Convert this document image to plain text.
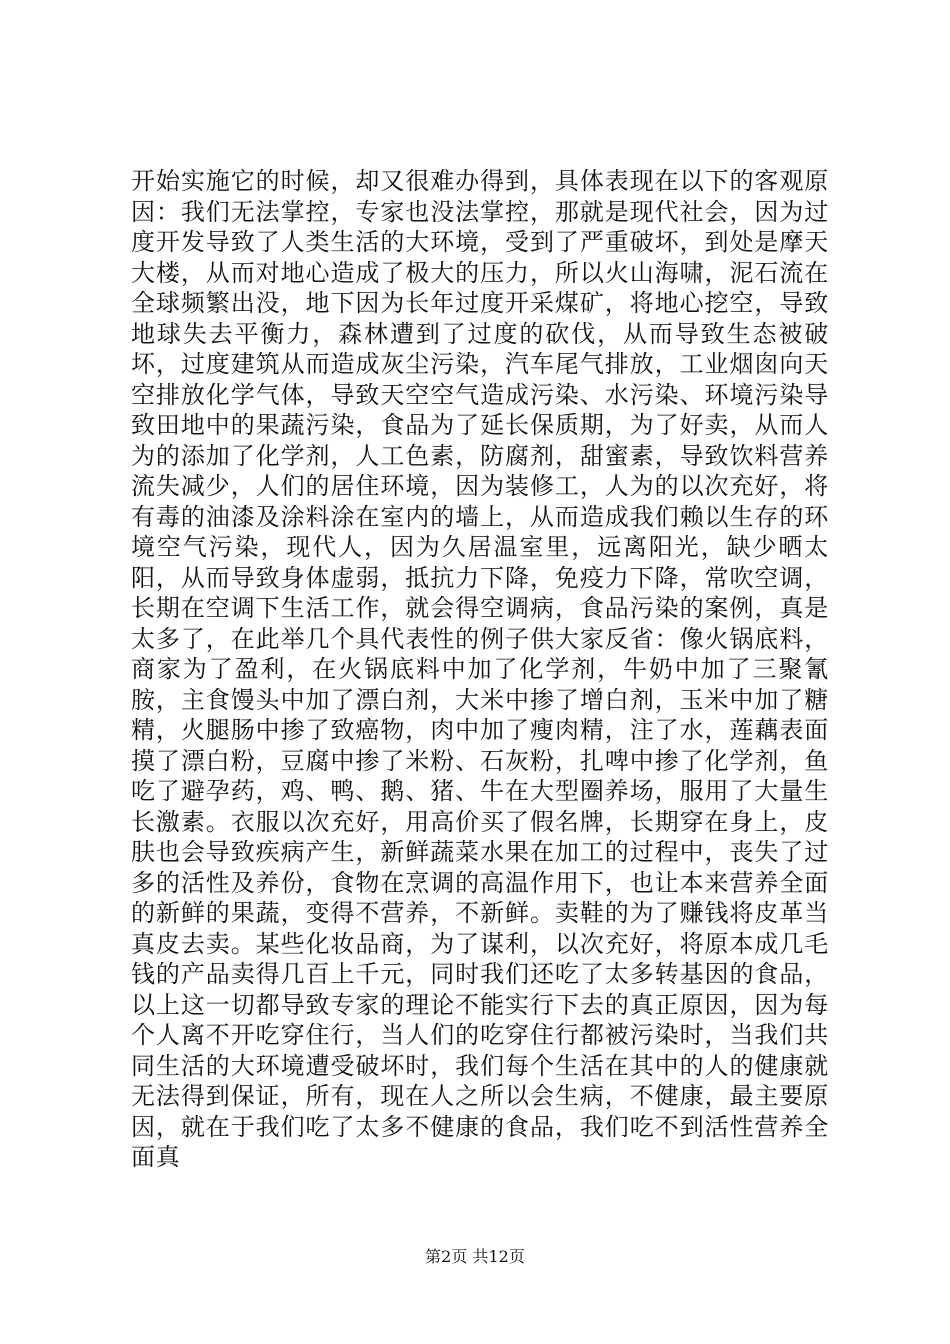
开始实施它的时候，却又很难办得到，具体表现在以下的客观原因：我们无法掌控，专家也没法掌控，那就是现代社会，因为过度开发导致了人类生活的大环境，受到了严重破坏，到处是摩天大楼，从而对地心造成了极大的压力，所以火山海啸，泥石流在全球频繁出没，地下因为长年过度开采煤矿，将地心挖空，导致地球失去平衡力，森林遭到了过度的砍伐，从而导致生态被破坏，过度建筑从而造成灰尘污染，汽车尾气排放，工业烟囱向天空排放化学气体，导致天空空气造成污染、水污染、环境污染导致田地中的果蔬污染，食品为了延长保质期，为了好卖，从而人为的添加了化学剂，人工色素，防腐剂，甜蜜素，导致饮料营养流失减少，人们的居住环境，因为装修工，人为的以次充好，将有毒的油漆及涂料涂在室内的墙上，从而造成我们赖以生存的环境空气污染，现代人，因为久居温室里，远离阳光，缺少晒太阳，从而导致身体虚弱，抵抗力下降，免疫力下降，常吹空调，长期在空调下生活工作，就会得空调病，食品污染的案例，真是太多了，在此举几个具代表性的例子供大家反省：像火锅底料，商家为了盈利，在火锅底料中加了化学剂，牛奶中加了三聚氰胺，主食馒头中加了漂白剂，大米中掺了增白剂，玉米中加了糖精，火腿肠中掺了致癌物，肉中加了瘦肉精，注了水，莲藕表面摸了漂白粉，豆腐中掺了米粉、石灰粉，扎啤中掺了化学剂，鱼吃了避孕药，鸡、鸭、鹅、猪、牛在大型圈养场，服用了大量生长激素。衣服以次充好，用高价买了假名牌，长期穿在身上，皮肤也会导致疾病产生，新鲜蔬菜水果在加工的过程中，丧失了过多的活性及养份，食物在烹调的高温作用下，也让本来营养全面的新鲜的果蔬，变得不营养，不新鲜。卖鞋的为了赚钱将皮革当真皮去卖。某些化妆品商，为了谋利，以次充好，将原本成几毛钱的产品卖得几百上千元，同时我们还吃了太多转基因的食品，以上这一切都导致专家的理论不能实行下去的真正原因，因为每个人离不开吃穿住行，当人们的吃穿住行都被污染时，当我们共同生活的大环境遭受破坏时，我们每个生活在其中的人的健康就无法得到保证，所有，现在人之所以会生病，不健康，最主要原因，就在于我们吃了太多不健康的食品，我们吃不到活性营养全面真

第2页 共12页
